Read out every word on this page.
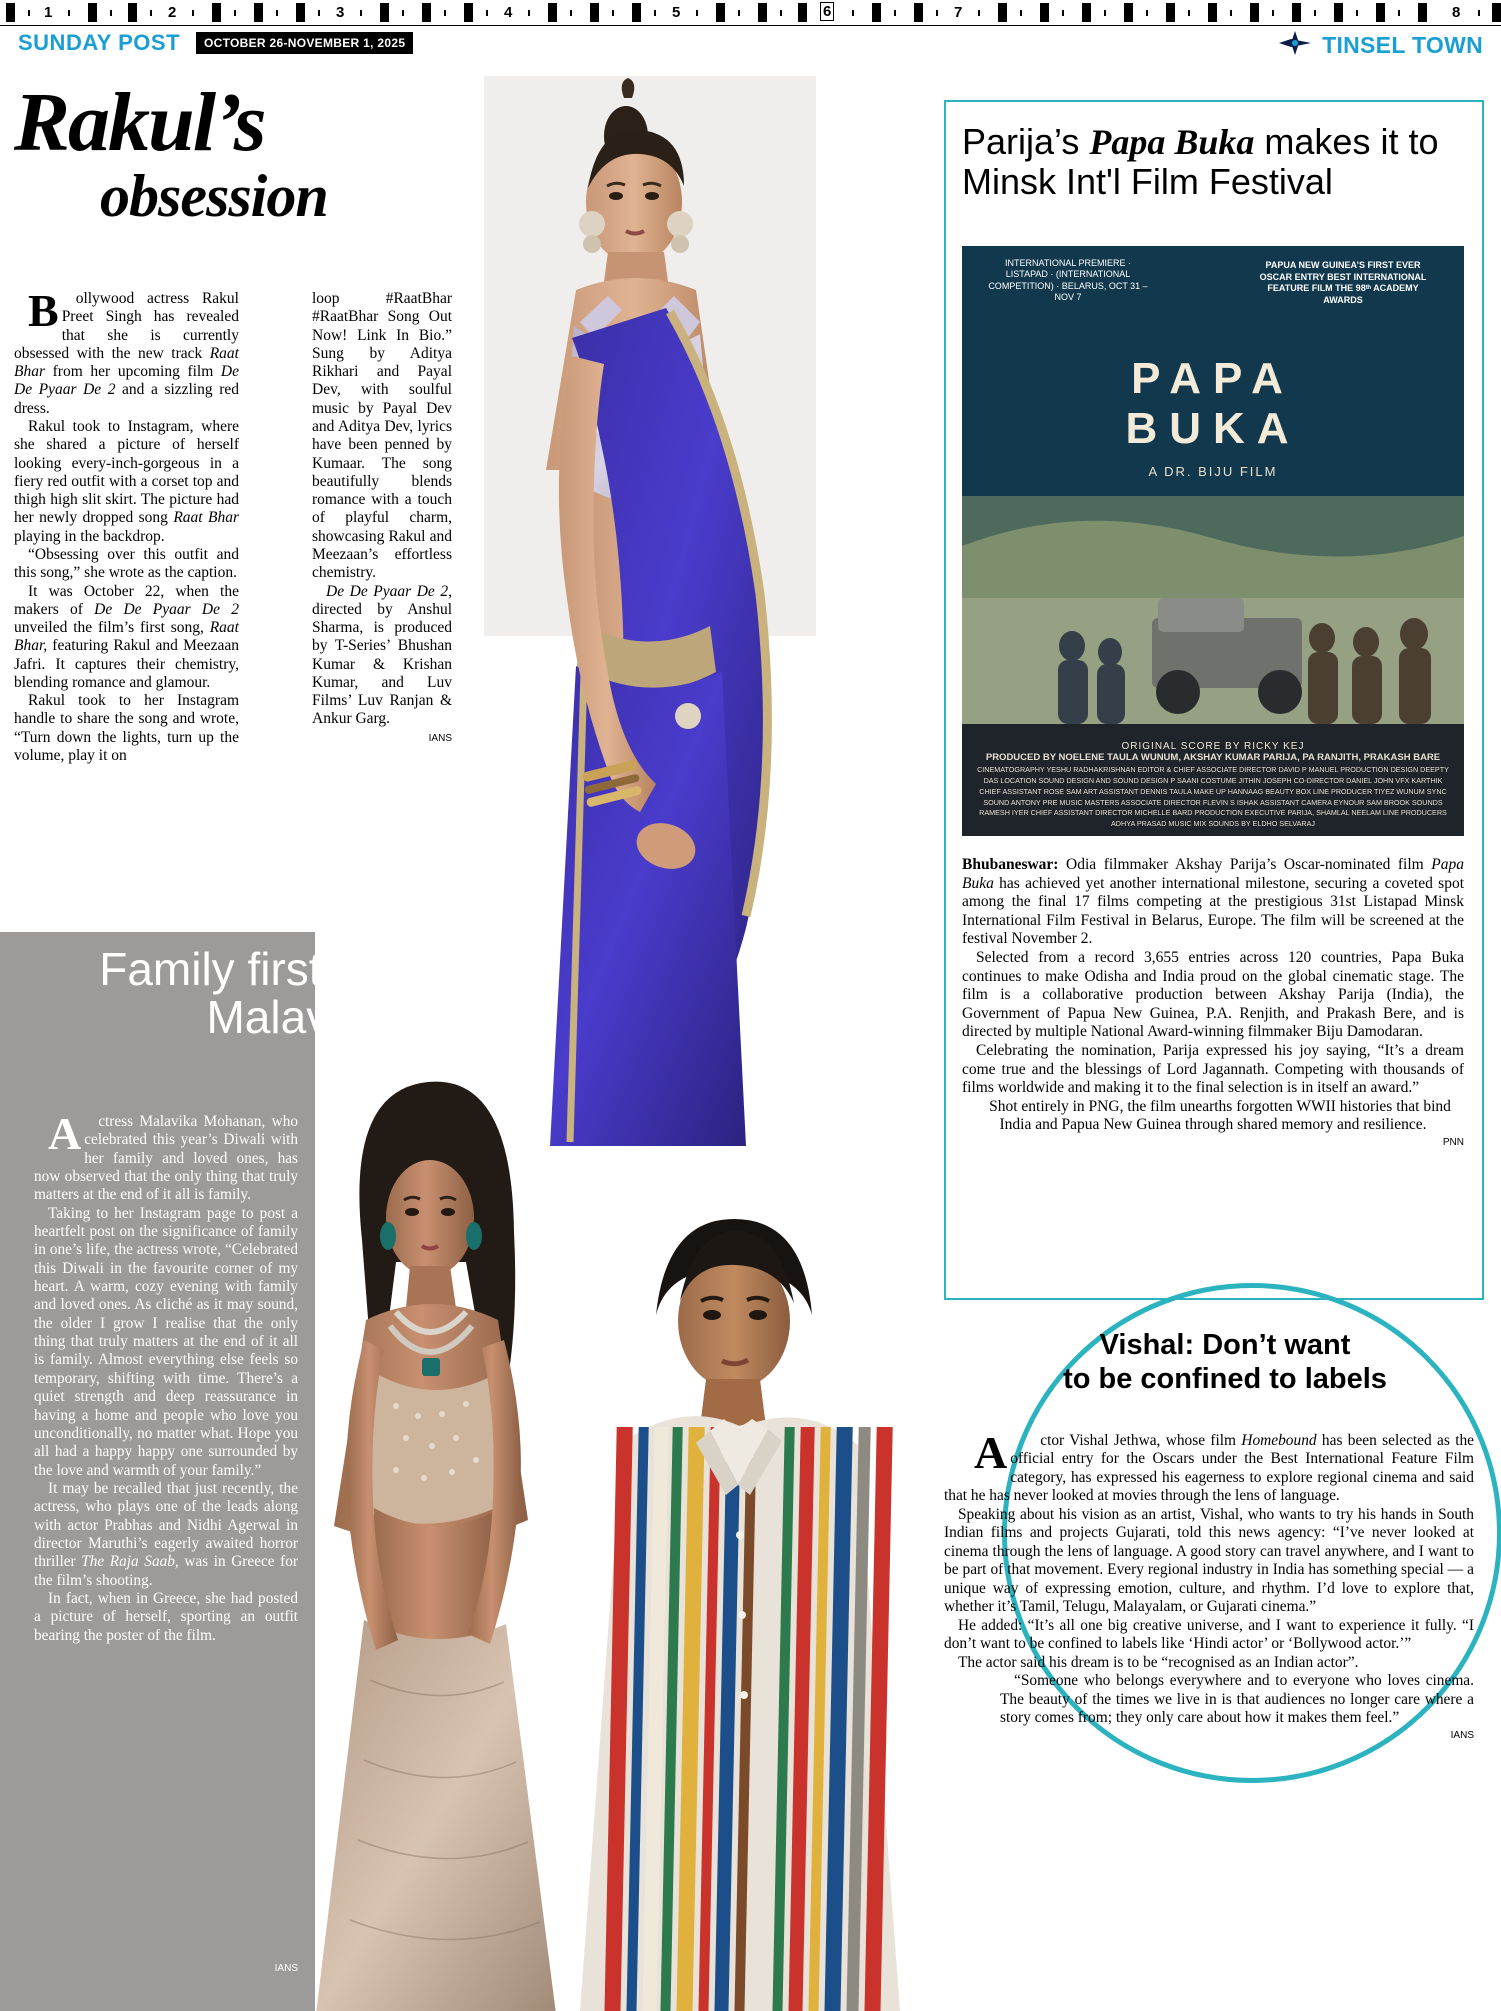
1	2	3	4	5	6	7	8
SUNDAY POST OCTOBER 26-NOVEMBER 1, 2025	TINSEL TOWN
Rakul’s
obsession

Bollywood actress Rakul Preet Singh has revealed that she is currently obsessed with the new track Raat Bhar from her upcoming film De De Pyaar De 2 and a sizzling red dress.

Rakul took to Instagram, where she shared a picture of herself looking every-inch-gorgeous in a fiery red outfit with a corset top and thigh high slit skirt. The picture had her newly dropped song Raat Bhar playing in the backdrop.

“Obsessing over this outfit and this song,” she wrote as the caption.

It was October 22, when the makers of De De Pyaar De 2 unveiled the film’s first song, Raat Bhar, featuring Rakul and Meezaan Jafri. It captures their chemistry, blending romance and glamour.

Rakul took to her Instagram handle to share the song and wrote, “Turn down the lights, turn up the volume, play it on

loop #RaatBhar #RaatBhar Song Out Now! Link In Bio.” Sung by Aditya Rikhari and Payal Dev, with soulful music by Payal Dev and Aditya Dev, lyrics have been penned by Kumaar. The song beautifully blends romance with a touch of playful charm, showcasing Rakul and Meezaan’s effortless chemistry.

De De Pyaar De 2, directed by Anshul Sharma, is produced by T-Series’ Bhushan Kumar & Krishan Kumar, and Luv Films’ Luv Ranjan & Ankur Garg.

IANS
Family first for Malavika

Actress Malavika Mohanan, who celebrated this year’s Diwali with her family and loved ones, has now observed that the only thing that truly matters at the end of it all is family.

Taking to her Instagram page to post a heartfelt post on the significance of family in one’s life, the actress wrote, “Celebrated this Diwali in the favourite corner of my heart. A warm, cozy evening with family and loved ones. As cliché as it may sound, the older I grow I realise that the only thing that truly matters at the end of it all is family. Almost everything else feels so temporary, shifting with time. There’s a quiet strength and deep reassurance in having a home and people who love you unconditionally, no matter what. Hope you all had a happy happy one surrounded by the love and warmth of your family.”

It may be recalled that just recently, the actress, who plays one of the leads along with actor Prabhas and Nidhi Agerwal in director Maruthi’s eagerly awaited horror thriller The Raja Saab, was in Greece for the film’s shooting.

In fact, when in Greece, she had posted a picture of herself, sporting an outfit bearing the poster of the film.

IANS
Parija’s Papa Buka makes it to Minsk Int'l Film Festival
INTERNATIONAL PREMIERE · LISTAPAD · (INTERNATIONAL COMPETITION) · BELARUS, OCT 31 – NOV 7
PAPUA NEW GUINEA’S FIRST EVER OSCAR ENTRY BEST INTERNATIONAL FEATURE FILM THE 98ᵗʰ ACADEMY AWARDS
PAPA
BUKA
A DR. BIJU FILM
ORIGINAL SCORE BY RICKY KEJ
PRODUCED BY NOELENE TAULA WUNUM, AKSHAY KUMAR PARIJA, PA RANJITH, PRAKASH BARE
CINEMATOGRAPHY YESHU RADHAKRISHNAN EDITOR & CHIEF ASSOCIATE DIRECTOR DAVID P MANUEL PRODUCTION DESIGN DEEPTY DAS LOCATION SOUND DESIGN AND SOUND DESIGN P SAANI COSTUME JITHIN JOSEPH CO-DIRECTOR DANIEL JOHN VFX KARTHIK CHIEF ASSISTANT ROSE SAM ART ASSISTANT DENNIS TAULA MAKE UP HANNAAG BEAUTY BOX LINE PRODUCER TIYEZ WUNUM SYNC SOUND ANTONY PRE MUSIC MASTERS ASSOCIATE DIRECTOR FLEVIN S ISHAK ASSISTANT CAMERA EYNOUR SAM BROOK SOUNDS RAMESH IYER CHIEF ASSISTANT DIRECTOR MICHELLE BARD PRODUCTION EXECUTIVE PARIJA, SHAMLAL NEELAM LINE PRODUCERS ADHYA PRASAD MUSIC MIX SOUNDS BY ELDHO SELVARAJ

Bhubaneswar: Odia filmmaker Akshay Parija’s Oscar-nominated film Papa Buka has achieved yet another international milestone, securing a coveted spot among the final 17 films competing at the prestigious 31st Listapad Minsk International Film Festival in Belarus, Europe. The film will be screened at the festival November 2.

Selected from a record 3,655 entries across 120 countries, Papa Buka continues to make Odisha and India proud on the global cinematic stage. The film is a collaborative production between Akshay Parija (India), the Government of Papua New Guinea, P.A. Renjith, and Prakash Bere, and is directed by multiple National Award-winning filmmaker Biju Damodaran.

Celebrating the nomination, Parija expressed his joy saying, “It’s a dream come true and the blessings of Lord Jagannath. Competing with thousands of films worldwide and making it to the final selection is in itself an award.”

Shot entirely in PNG, the film unearths forgotten WWII histories that bind India and Papua New Guinea through shared memory and resilience.

PNN
Vishal: Don’t want
to be confined to labels

Actor Vishal Jethwa, whose film Homebound has been selected as the official entry for the Oscars under the Best International Feature Film category, has expressed his eagerness to explore regional cinema and said that he has never looked at movies through the lens of language.

Speaking about his vision as an artist, Vishal, who wants to try his hands in South Indian films and projects Gujarati, told this news agency: “I’ve never looked at cinema through the lens of language. A good story can travel anywhere, and I want to be part of that movement. Every regional industry in India has something special — a unique way of expressing emotion, culture, and rhythm. I’d love to explore that, whether it’s Tamil, Telugu, Malayalam, or Gujarati cinema.”

He added: “It’s all one big creative universe, and I want to experience it fully. “I don’t want to be confined to labels like ‘Hindi actor’ or ‘Bollywood actor.’”

The actor said his dream is to be “recognised as an Indian actor”.

“Someone who belongs everywhere and to everyone who loves cinema. The beauty of the times we live in is that audiences no longer care where a story comes from; they only care about how it makes them feel.”

IANS
